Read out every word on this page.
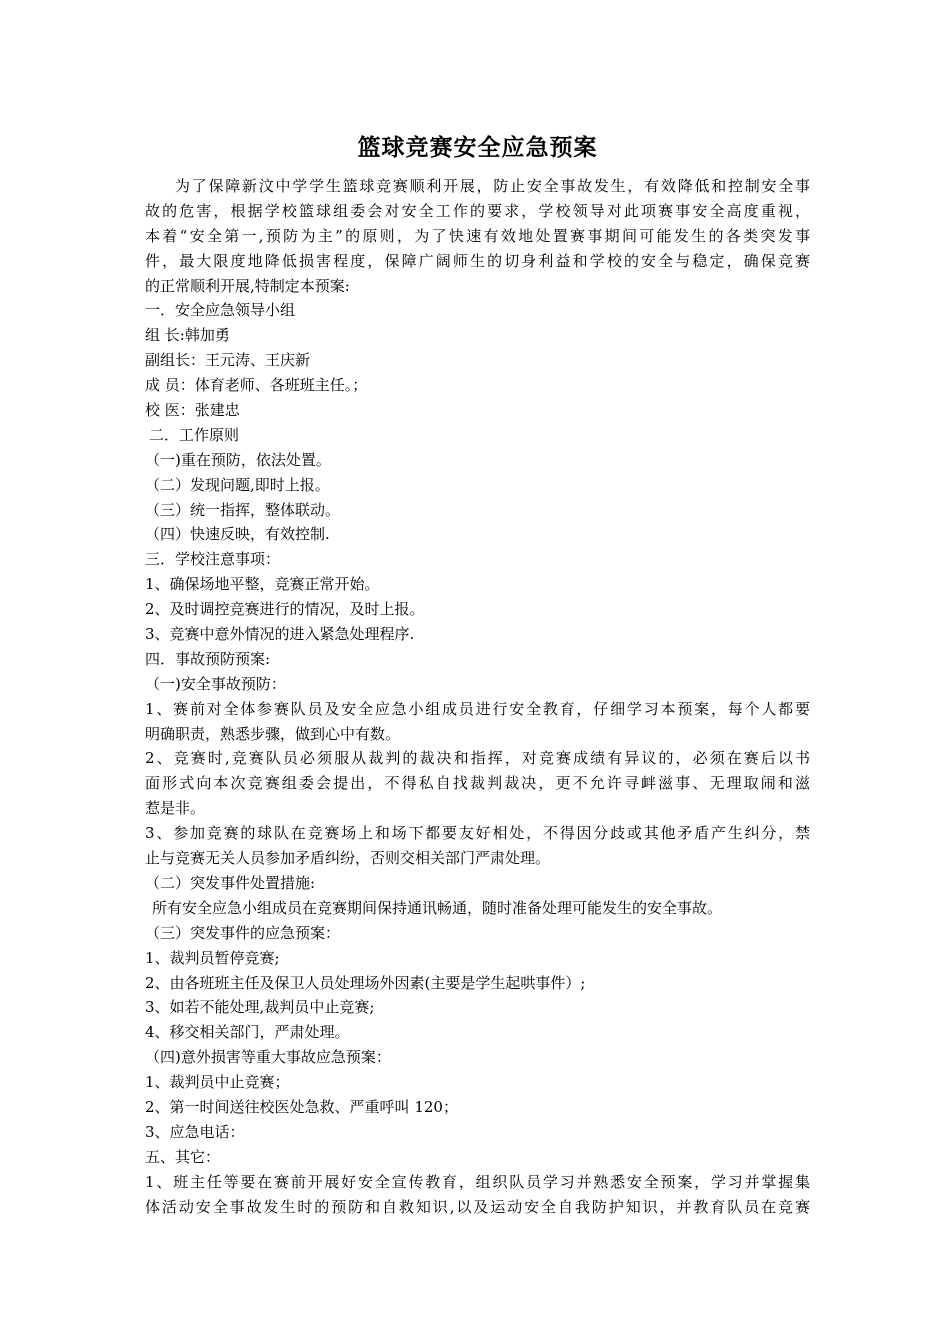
篮球竞赛安全应急预案
为了保障新汶中学学生篮球竞赛顺利开展，防止安全事故发生，有效降低和控制安全事
故的危害，根据学校篮球组委会对安全工作的要求，学校领导对此项赛事安全高度重视，
本着“安全第一,预防为主”的原则，为了快速有效地处置赛事期间可能发生的各类突发事
件，最大限度地降低损害程度，保障广阔师生的切身利益和学校的安全与稳定，确保竞赛
的正常顺利开展,特制定本预案:
一．安全应急领导小组
组 长:韩加勇
副组长：王元涛、王庆新
成 员：体育老师、各班班主任。；
校 医：张建忠
二．工作原则
（一)重在预防，依法处置。
（二）发现问题,即时上报。
（三）统一指挥，整体联动。
（四）快速反映，有效控制.
三．学校注意事项：
1、确保场地平整，竞赛正常开始。
2、及时调控竞赛进行的情况，及时上报。
3、竞赛中意外情况的进入紧急处理程序.
四．事故预防预案:
（一)安全事故预防：
1、赛前对全体参赛队员及安全应急小组成员进行安全教育，仔细学习本预案，每个人都要
明确职责，熟悉步骤，做到心中有数。
2、竞赛时,竞赛队员必须服从裁判的裁决和指挥，对竞赛成绩有异议的，必须在赛后以书
面形式向本次竞赛组委会提出，不得私自找裁判裁决，更不允许寻衅滋事、无理取闹和滋
惹是非。
3、参加竞赛的球队在竞赛场上和场下都要友好相处，不得因分歧或其他矛盾产生纠分，禁
止与竞赛无关人员参加矛盾纠纷，否则交相关部门严肃处理。
（二）突发事件处置措施:
所有安全应急小组成员在竞赛期间保持通讯畅通，随时准备处理可能发生的安全事故。
（三）突发事件的应急预案：
1、裁判员暂停竞赛;
2、由各班班主任及保卫人员处理场外因素(主要是学生起哄事件）;
3、如若不能处理,裁判员中止竞赛;
4、移交相关部门，严肃处理。
（四)意外损害等重大事故应急预案：
1、裁判员中止竞赛；
2、第一时间送往校医处急救、严重呼叫 120；
3、应急电话：
五、其它：
1、班主任等要在赛前开展好安全宣传教育，组织队员学习并熟悉安全预案，学习并掌握集
体活动安全事故发生时的预防和自救知识,以及运动安全自我防护知识，并教育队员在竞赛
